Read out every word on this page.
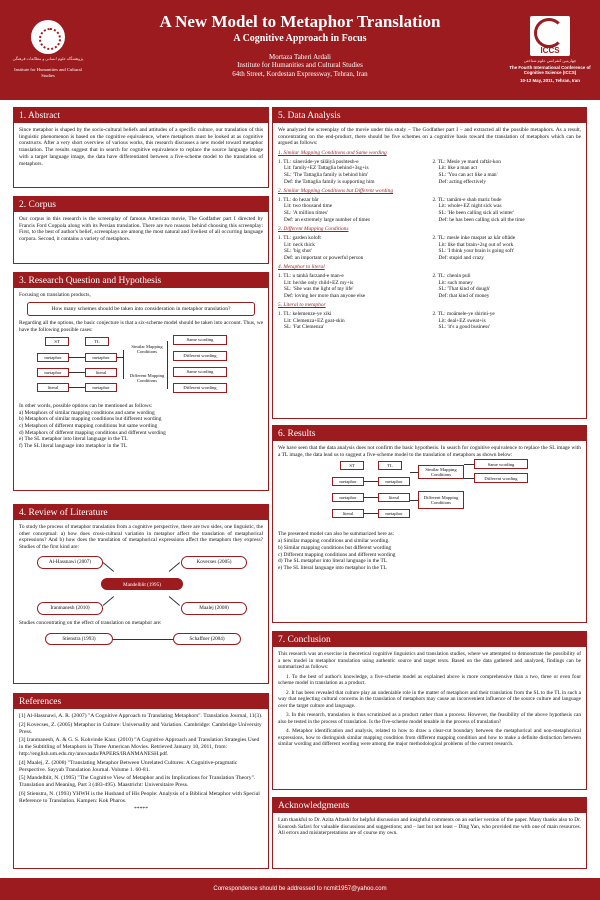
پژوهشگاه علوم انسانی و مطالعات فرهنگی
Institute for Humanities and Cultural Studies
A New Model to Metaphor Translation
A Cognitive Approach in Focus
Mortaza Taheri Ardali
Institute for Humanities and Cultural Studies
64th Street, Kordestan Expressway, Tehran, Iran
ICCS
چهارمین کنفرانس علوم شناختی
The Fourth International Conference of Cognitive Science (ICCS)
10-12 May, 2011, Tehran, Iran
1. Abstract

Since metaphor is shaped by the socio-cultural beliefs and attitudes of a specific culture, our translation of this linguistic phenomenon is based on the cognitive equivalence, where metaphors must be looked at as cognitive constructs. After a very short overview of various works, this research discusses a new model toward metaphor translation. The results suggest that in search for cognitive equivalence to replace the source language image with a target language image, the data have differentiated between a five-scheme model to the translation of metaphors.

2. Corpus

Our corpus in this research is the screenplay of famous American movie, The Godfather part I directed by Francis Ford Coppola along with its Persian translation. There are two reasons behind choosing this screenplay: First, to the best of author's belief, screenplays are among the most natural and liveliest of all occurring language corpora. Second, it contains a variety of metaphors.

3. Research Question and Hypothesis

Focusing on translation products,

How many schemes should be taken into consideration in metaphor translation?

Regarding all the options, the basic conjecture is that a six-scheme model should be taken into account. Thus, we have the following possible cases:

ST	TL
metaphor
metaphor
literal
metaphor
literal
metaphor
Similar Mapping Conditions
Different Mapping Conditions
Same wording
Different wording
Same wording
Different wording

In other words, possible options can be mentioned as follows:

a) Metaphors of similar mapping conditions and same wording
b) Metaphors of similar mapping conditions but different wording
c) Metaphors of different mapping conditions but same wording
d) Metaphors of different mapping conditions and different wording
e) The SL metaphor into literal language in the TL
f) The SL literal language into metaphor in the TL
4. Review of Literature

To study the process of metaphor translation from a cognitive perspective, there are two sides, one linguistic, the other conceptual: a) how does cross-cultural variation in metaphor affect the translation of metaphorical expressions? And b) how does the translation of metaphorical expressions affect the metaphors they express? Studies of the first kind are:

Al-Hassnawi (2007)	Kovecses (2005)
Mandelblit (1995)
Iranmanesh (2010)	Maalej (2008)

Studies concentrating on the effect of translation on metaphor are:

Stienstra (1993)	Schaffner (2004)
References

[1] Al-Hassnawi, A. R. (2007) "A Cognitive Approach to Translating Metaphors". Translation Journal, 11(3).

[2] Kovecses, Z. (2005) Metaphor in Culture: Universality and Variation. Cambridge: Cambridge University Press.

[3] Iranmanesh, A. & G. S. Kohvinde Kaur. (2010) "A Cognitive Approach and Translation Strategies Used in the Subtitling of Metaphors in Three American Movies. Retrieved January 10, 2011, from:

http://english.um.edu.my/anuvaada/PAPERS/IRANMANESH.pdf.

[4] Maalej, Z. (2008) "Translating Metaphor Between Unrelated Cultures: A Cognitive-pragmatic Perspective. Sayyab Translation Journal. Volume 1. 60-81.

[5] Mandelblit, N. (1995) "The Cognitive View of Metaphor and its Implications for Translation Theory". Translation and Meaning, Part 3 (483-495). Maastricht: Universitaire Press.

[6] Stienstra, N. (1993) YHWH is the Husband of His People: Analysis of a Biblical Metaphor with Special Reference to Translation. Kampen: Kok Pharos.

*****

5. Data Analysis

We analyzed the screenplay of the movie under this study – The Godfather part I – and extracted all the possible metaphors. As a result, concentrating on the end-product, there should be five schemes on a cognitive basis toward the translation of metaphors which can be argued as follows:

1. Similar Mapping Conditions and Same wording
1. TL: xânevâde-ye tâlâiyâ poshtesh-e
Lit: family+EZ Tattaglia behind+3sg+is
SL: 'The Tattaglia family is behind him'
Def: the Tattaglia family is supporting him
2. TL: Mesle ye mard raftâr-kon
Lit: like a man act
SL: 'You can act like a man'
Def: acting effectively
2. Similar Mapping Conditions but Different wording
1. TL: do hezar bâr
Lit: two thousand time
SL: 'A million times'
Def: an extremely large number of times
2. TL: tamâm-e shab mariz bude
Lit: whole+EZ night sick was
SL: 'He been calling sick all winter'
Def: he has been calling sick all the time
3. Different Mapping Conditions
1. TL: garden koloft
Lit: neck thick
SL: 'big shot'
Def: an important or powerful person
2. TL: mesle inke maqzet az kâr oftâde
Lit: like that brain+2sg out of work
SL: 'I think your brain is going soft'
Def: stupid and crazy
4. Metaphor to literal
1. TL: u tanhâ farzand-e man-e
Lit: he/she only child+EZ my+is
SL: 'She was the light of my life'
Def: loving her more than anyone else
2. TL: chenin puli
Lit: such money
SL: 'That kind of dough'
Def: that kind of money
5. Literal to metaphor
1. TL: kelemenze-ye xiki
Lit: Clemenza+EZ goat-skin
SL: 'Fat Clemenza'
2. TL: moâmele-ye shirini-ye
Lit: deal+EZ sweat+is
SL: 'it's a good business'
6. Results

We have seen that the data analysis does not confirm the basic hypothesis. In search for cognitive equivalence to replace the SL image with a TL image, the data lead us to suggest a five-scheme model to the translation of metaphors as shown below:

ST	TL
metaphor
metaphor
literal
metaphor
literal
metaphor
Similar Mapping Conditions
Different Mapping Conditions
Same wording
Different wording

The presented model can also be summarized here as:

a) Similar mapping conditions and similar wording.
b) Similar mapping conditions but different wording
c) Different mapping conditions and different wording
d) The SL metaphor into literal language in the TL
e) The SL literal language into metaphor in the TL
7. Conclusion

This research was an exercise in theoretical cognitive linguistics and translation studies, where we attempted to demonstrate the possibility of a new model in metaphor translation using authentic source and target texts. Based on the data gathered and analyzed, findings can be summarized as follows:

1. To the best of author's knowledge, a five-scheme model as explained above is more comprehensive than a two, three or even four scheme model in translation as a product.

2. It has been revealed that culture play an undeniable role in the matter of metaphors and their translation from the SL to the TL in such a way that neglecting cultural concerns in the translation of metaphors may cause an inconvenient influence of the source culture and language over the target culture and language.

3. In this research, translation is thus scrutinized as a product rather than a process. However, the feasibility of the above hypothesis can also be tested in the process of translation. Is the five-scheme model tenable in the process of translation?

4. Metaphor identification and analysis, related to how to draw a clear-cut boundary between the metaphorical and non-metaphorical expressions, how to distinguish similar mapping condition from different mapping condition and how to make a definite distinction between similar wording and different wording were among the major methodological problems of the current research.

Acknowledgments

I am thankful to Dr. Azita Afrashi for helpful discussion and insightful comments on an earlier version of the paper. Many thanks also to Dr. Kourosh Safavi for valuable discussions and suggestions; and – last but not least – Ding Yan, who provided me with one of main resources. All errors and misinterpretations are of course my own.

Correspondence should be addressed to ncmit1957@yahoo.com
